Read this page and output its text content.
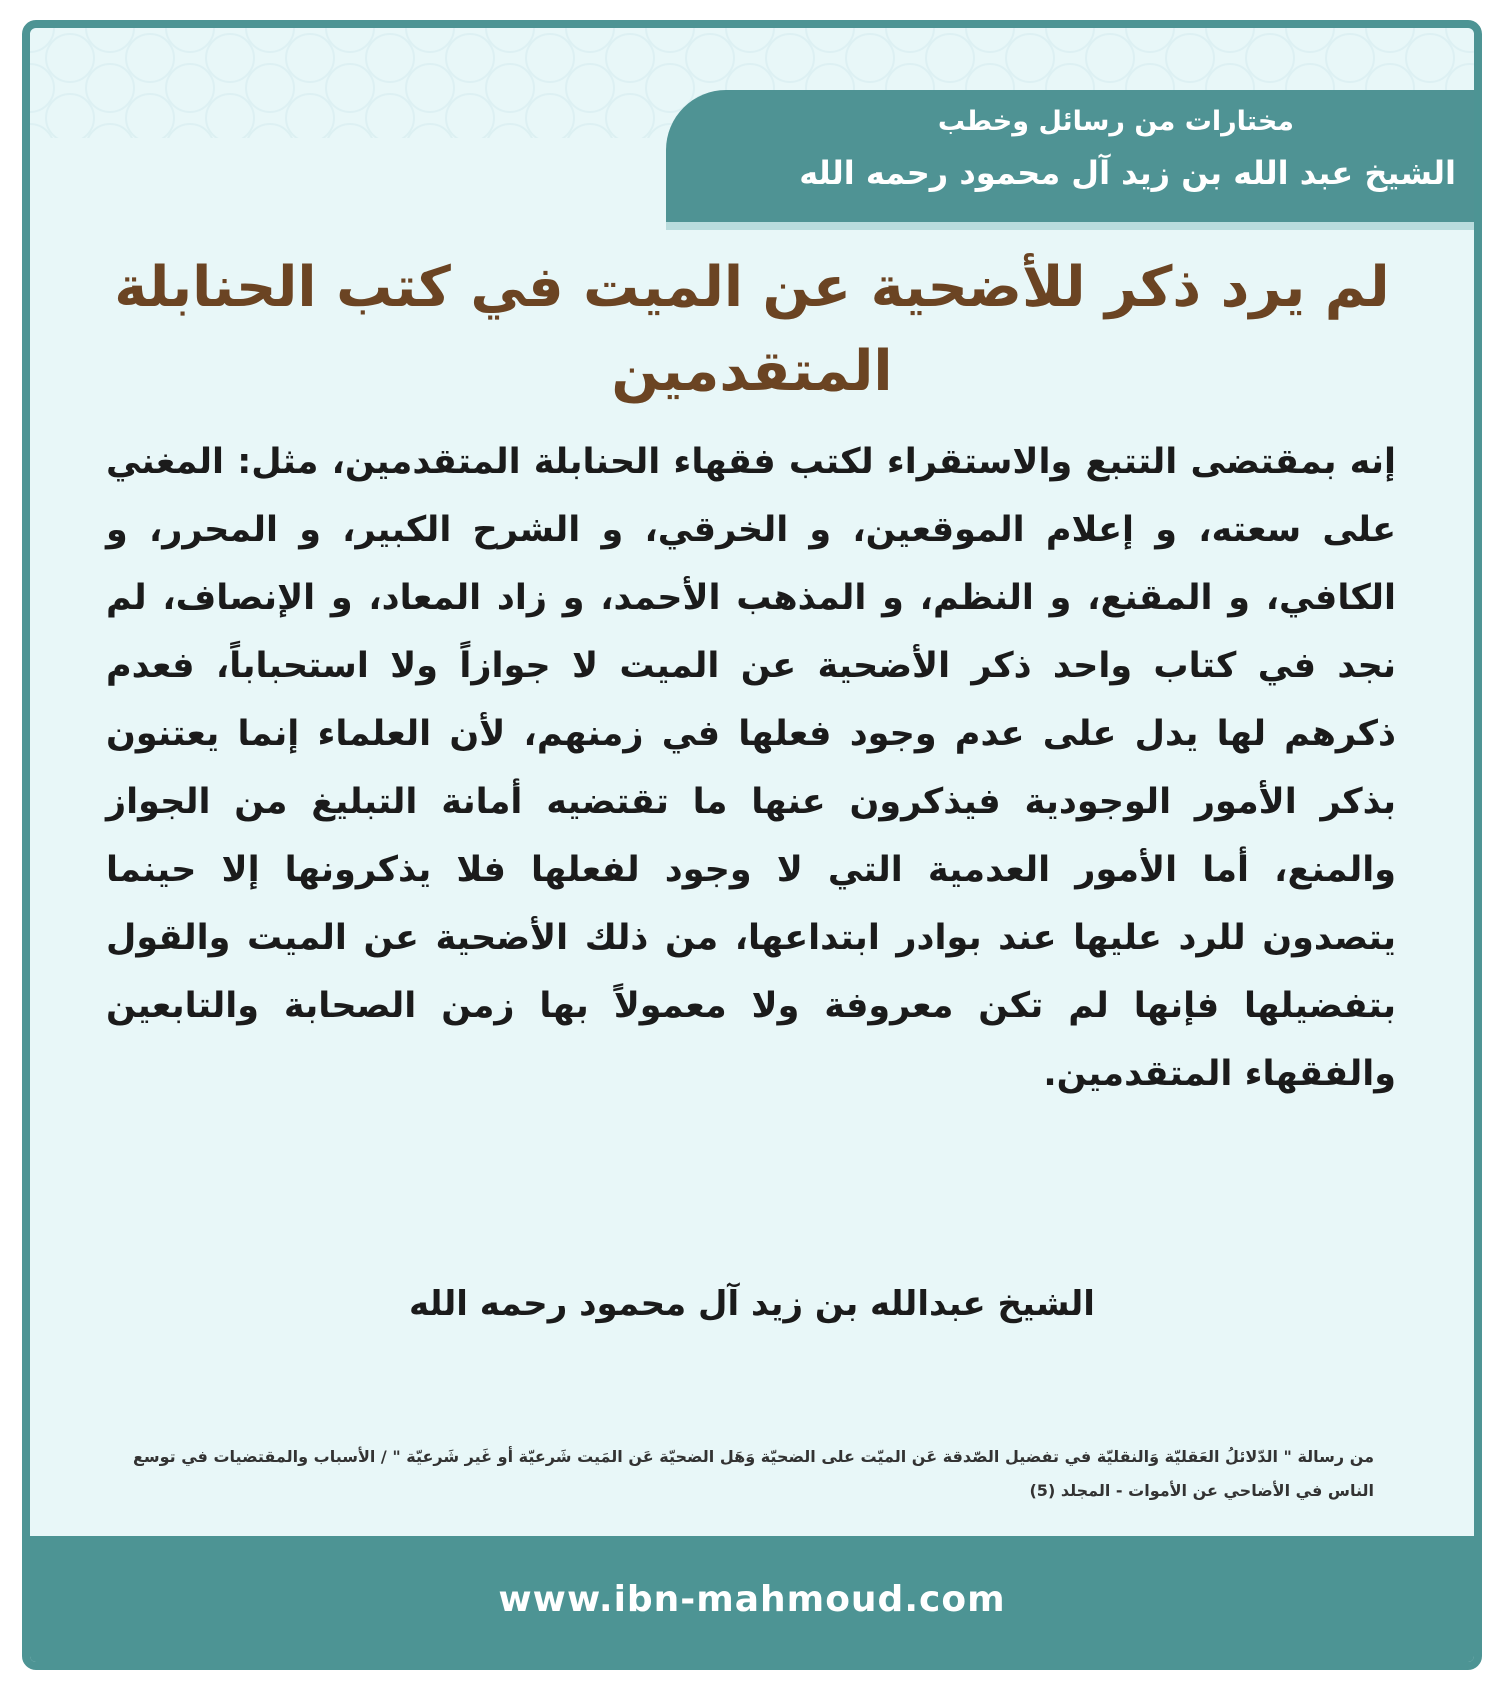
مختارات من رسائل وخطب
الشيخ عبد الله بن زيد آل محمود رحمه الله
لم يرد ذكر للأضحية عن الميت في كتب الحنابلة المتقدمين
إنه بمقتضى التتبع والاستقراء لكتب فقهاء الحنابلة المتقدمين، مثل: المغني على سعته، و إعلام الموقعين، و الخرقي، و الشرح الكبير، و المحرر، و الكافي، و المقنع، و النظم، و المذهب الأحمد، و زاد المعاد، و الإنصاف، لم نجد في كتاب واحد ذكر الأضحية عن الميت لا جوازاً ولا استحباباً، فعدم ذكرهم لها يدل على عدم وجود فعلها في زمنهم، لأن العلماء إنما يعتنون بذكر الأمور الوجودية فيذكرون عنها ما تقتضيه أمانة التبليغ من الجواز والمنع، أما الأمور العدمية التي لا وجود لفعلها فلا يذكرونها إلا حينما يتصدون للرد عليها عند بوادر ابتداعها، من ذلك الأضحية عن الميت والقول بتفضيلها فإنها لم تكن معروفة ولا معمولاً بها زمن الصحابة والتابعين والفقهاء المتقدمين.
الشيخ عبدالله بن زيد آل محمود رحمه الله
من رسالة " الدّلائلُ العَقليّة وَالنقليّة في تفضيل الصّدقة عَن الميّت على الضحيّة وَهَل الضحيّة عَن المَيت شَرعيّة أو غَير شَرعيّة " / الأسباب والمقتضيات في توسع الناس في الأضاحي عن الأموات - المجلد (5)
www.ibn-mahmoud.com
